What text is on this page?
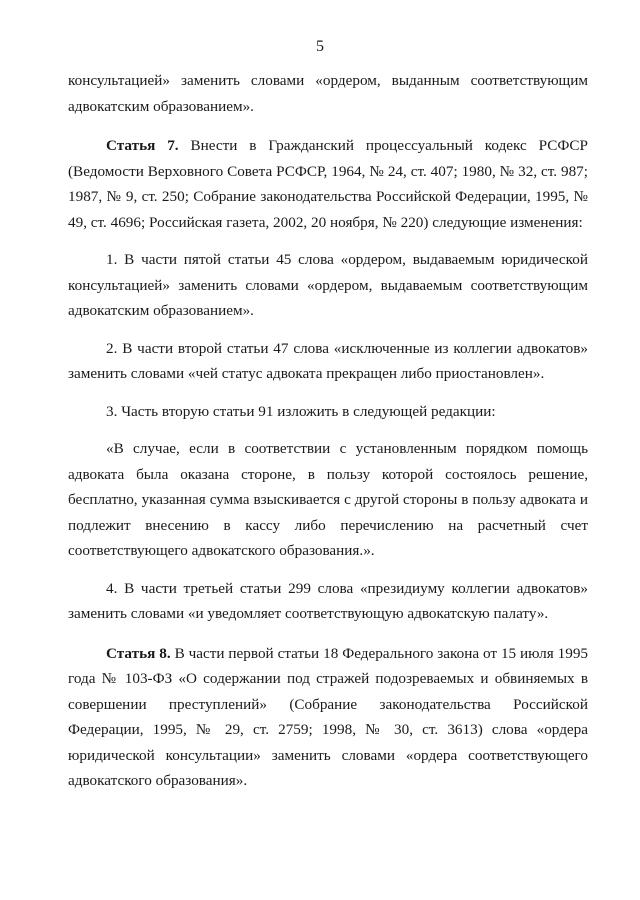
5

консультацией» заменить словами «ордером, выданным соответствующим адвокатским образованием».

Статья 7. Внести в Гражданский процессуальный кодекс РСФСР (Ведомости Верховного Совета РСФСР, 1964, № 24, ст. 407; 1980, № 32, ст. 987; 1987, № 9, ст. 250; Собрание законодательства Российской Федерации, 1995, № 49, ст. 4696; Российская газета, 2002, 20 ноября, № 220) следующие изменения:

1. В части пятой статьи 45 слова «ордером, выдаваемым юридической консультацией» заменить словами «ордером, выдаваемым соответствующим адвокатским образованием».

2. В части второй статьи 47 слова «исключенные из коллегии адвокатов» заменить словами «чей статус адвоката прекращен либо приостановлен».

3. Часть вторую статьи 91 изложить в следующей редакции:

«В случае, если в соответствии с установленным порядком помощь адвоката была оказана стороне, в пользу которой состоялось решение, бесплатно, указанная сумма взыскивается с другой стороны в пользу адвоката и подлежит внесению в кассу либо перечислению на расчетный счет соответствующего адвокатского образования.».

4. В части третьей статьи 299 слова «президиуму коллегии адвокатов» заменить словами «и уведомляет соответствующую адвокатскую палату».

Статья 8. В части первой статьи 18 Федерального закона от 15 июля 1995 года № 103-ФЗ «О содержании под стражей подозреваемых и обвиняемых в совершении преступлений» (Собрание законодательства Российской Федерации, 1995, № 29, ст. 2759; 1998, № 30, ст. 3613) слова «ордера юридической консультации» заменить словами «ордера соответствующего адвокатского образования».
